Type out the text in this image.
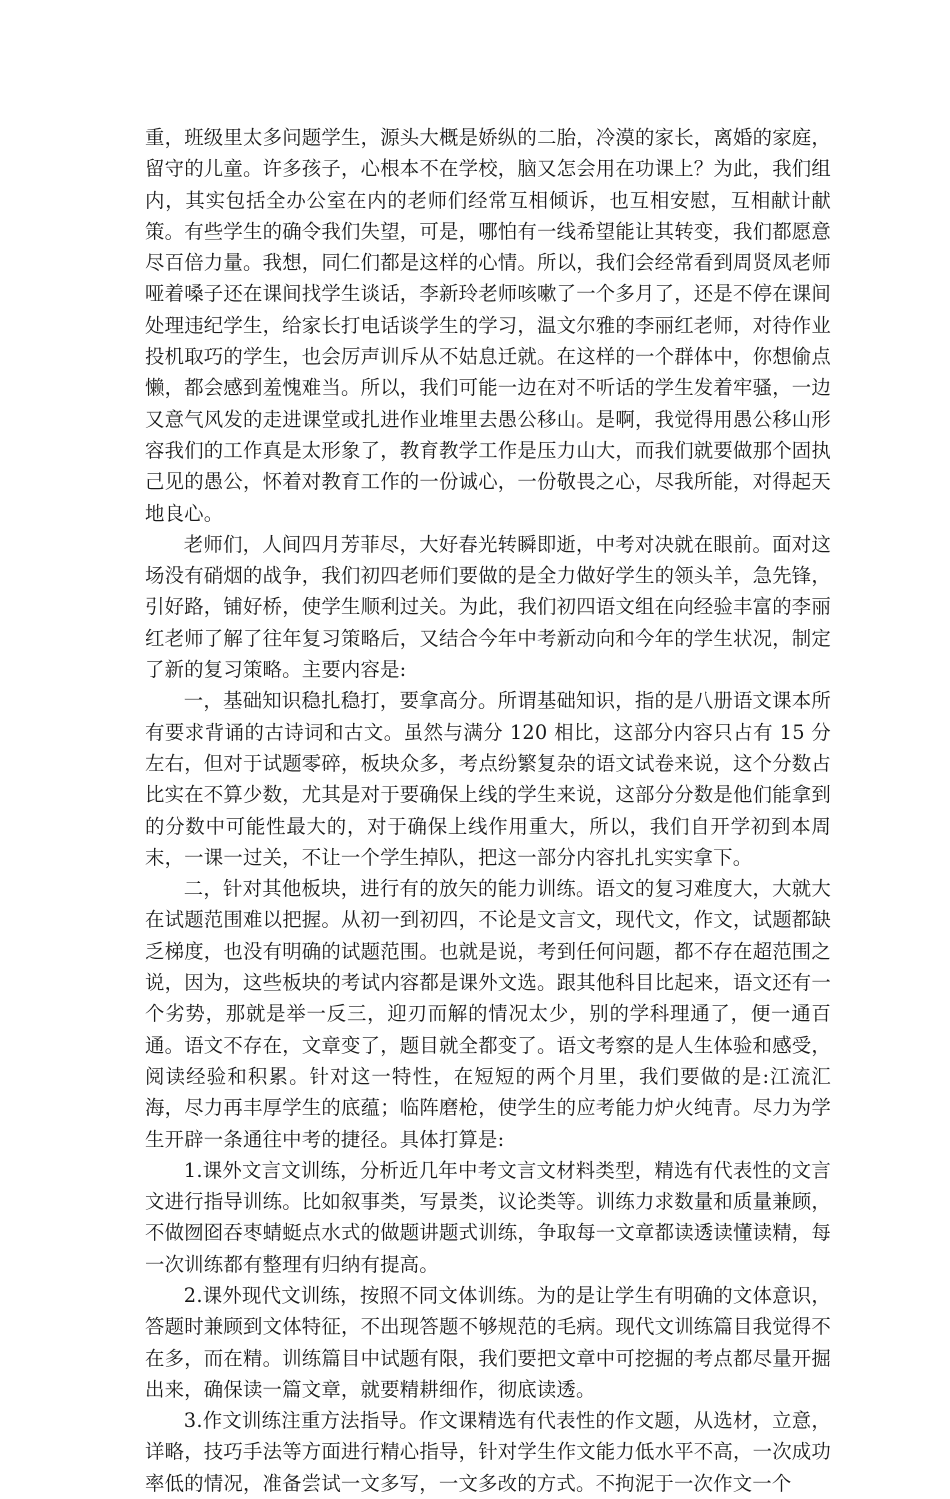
重，班级里太多问题学生，源头大概是娇纵的二胎，冷漠的家长，离婚的家庭，留守的儿童。许多孩子，心根本不在学校，脑又怎会用在功课上？为此，我们组内，其实包括全办公室在内的老师们经常互相倾诉，也互相安慰，互相献计献策。有些学生的确令我们失望，可是，哪怕有一线希望能让其转变，我们都愿意尽百倍力量。我想，同仁们都是这样的心情。所以，我们会经常看到周贤凤老师哑着嗓子还在课间找学生谈话，李新玲老师咳嗽了一个多月了，还是不停在课间处理违纪学生，给家长打电话谈学生的学习，温文尔雅的李丽红老师，对待作业投机取巧的学生，也会厉声训斥从不姑息迁就。在这样的一个群体中，你想偷点懒，都会感到羞愧难当。所以，我们可能一边在对不听话的学生发着牢骚，一边又意气风发的走进课堂或扎进作业堆里去愚公移山。是啊，我觉得用愚公移山形容我们的工作真是太形象了，教育教学工作是压力山大，而我们就要做那个固执己见的愚公，怀着对教育工作的一份诚心，一份敬畏之心，尽我所能，对得起天地良心。

老师们，人间四月芳菲尽，大好春光转瞬即逝，中考对决就在眼前。面对这场没有硝烟的战争，我们初四老师们要做的是全力做好学生的领头羊，急先锋，引好路，铺好桥，使学生顺利过关。为此，我们初四语文组在向经验丰富的李丽红老师了解了往年复习策略后，又结合今年中考新动向和今年的学生状况，制定了新的复习策略。主要内容是:

一，基础知识稳扎稳打，要拿高分。所谓基础知识，指的是八册语文课本所有要求背诵的古诗词和古文。虽然与满分 120 相比，这部分内容只占有 15 分左右，但对于试题零碎，板块众多，考点纷繁复杂的语文试卷来说，这个分数占比实在不算少数，尤其是对于要确保上线的学生来说，这部分分数是他们能拿到的分数中可能性最大的，对于确保上线作用重大，所以，我们自开学初到本周末，一课一过关，不让一个学生掉队，把这一部分内容扎扎实实拿下。

二，针对其他板块，进行有的放矢的能力训练。语文的复习难度大，大就大在试题范围难以把握。从初一到初四，不论是文言文，现代文，作文，试题都缺乏梯度，也没有明确的试题范围。也就是说，考到任何问题，都不存在超范围之说，因为，这些板块的考试内容都是课外文选。跟其他科目比起来，语文还有一个劣势，那就是举一反三，迎刃而解的情况太少，别的学科理通了，便一通百通。语文不存在，文章变了，题目就全都变了。语文考察的是人生体验和感受，阅读经验和积累。针对这一特性，在短短的两个月里，我们要做的是:江流汇海，尽力再丰厚学生的底蕴；临阵磨枪，使学生的应考能力炉火纯青。尽力为学生开辟一条通往中考的捷径。具体打算是:

1.课外文言文训练，分析近几年中考文言文材料类型，精选有代表性的文言文进行指导训练。比如叙事类，写景类，议论类等。训练力求数量和质量兼顾，不做囫囵吞枣蜻蜓点水式的做题讲题式训练，争取每一文章都读透读懂读精，每一次训练都有整理有归纳有提高。

2.课外现代文训练，按照不同文体训练。为的是让学生有明确的文体意识，答题时兼顾到文体特征，不出现答题不够规范的毛病。现代文训练篇目我觉得不在多，而在精。训练篇目中试题有限，我们要把文章中可挖掘的考点都尽量开掘出来，确保读一篇文章，就要精耕细作，彻底读透。

3.作文训练注重方法指导。作文课精选有代表性的作文题，从选材，立意，详略，技巧手法等方面进行精心指导，针对学生作文能力低水平不高，一次成功率低的情况，准备尝试一文多写，一文多改的方式。不拘泥于一次作文一个
